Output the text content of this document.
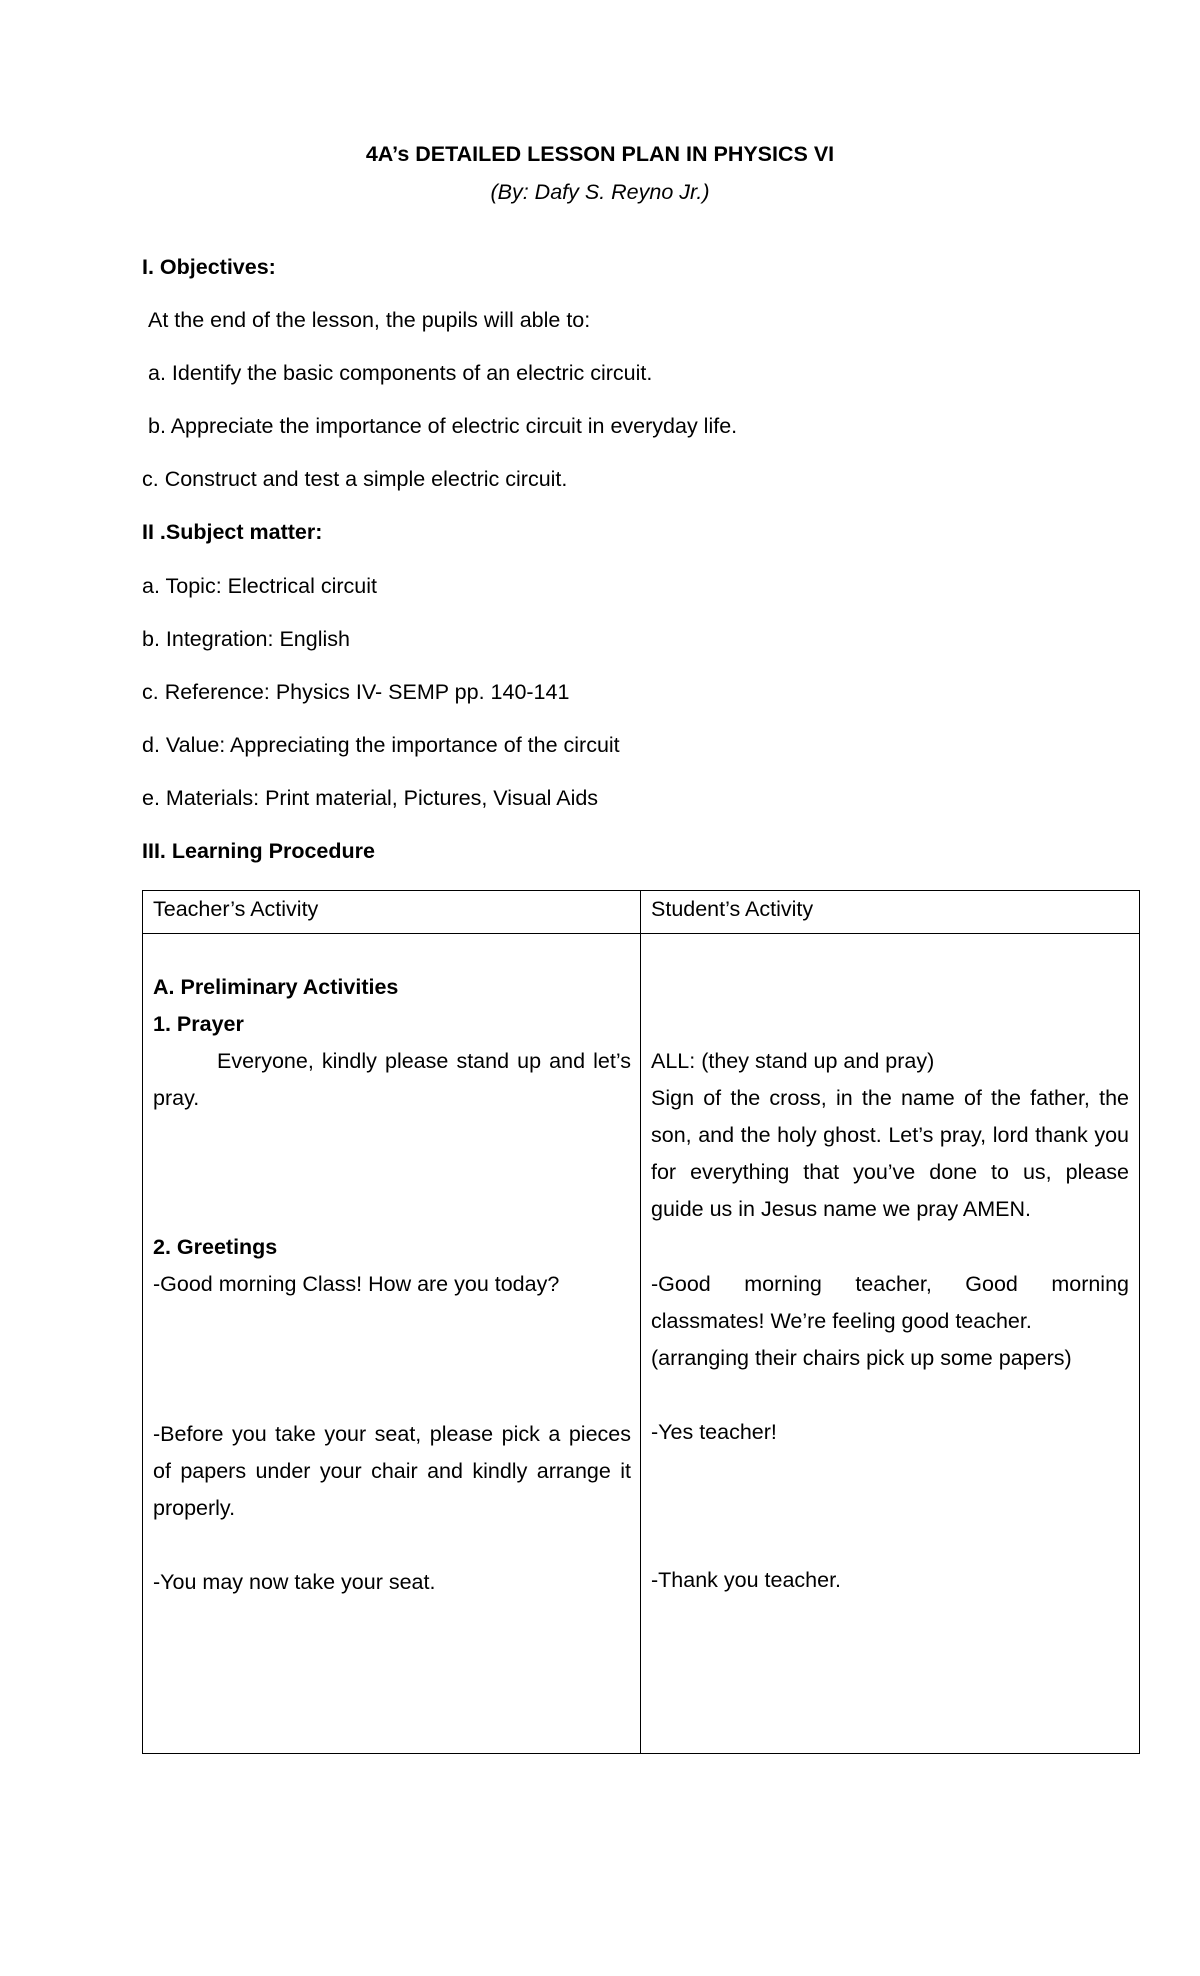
4A’s DETAILED LESSON PLAN IN PHYSICS VI
(By: Dafy S. Reyno Jr.)
I. Objectives:
At the end of the lesson, the pupils will able to:
a. Identify the basic components of an electric circuit.
b. Appreciate the importance of electric circuit in everyday life.
c. Construct and test a simple electric circuit.
II .Subject matter:
a. Topic: Electrical circuit
b. Integration: English
c. Reference: Physics IV- SEMP pp. 140-141
d. Value: Appreciating the importance of the circuit
e. Materials: Print material, Pictures, Visual Aids
III. Learning Procedure
Teacher’s Activity	Student’s Activity
A. Preliminary Activities
1. Prayer
Everyone, kindly please stand up and let’s pray.
2. Greetings
-Good morning Class! How are you today?
-Before you take your seat, please pick a pieces of papers under your chair and kindly arrange it properly.
-You may now take your seat.
ALL: (they stand up and pray)
Sign of the cross, in the name of the father, the son, and the holy ghost. Let’s pray, lord thank you for everything that you’ve done to us, please guide us in Jesus name we pray AMEN.
-Good morning teacher, Good morning classmates! We’re feeling good teacher.
(arranging their chairs pick up some papers)
-Yes teacher!
-Thank you teacher.
